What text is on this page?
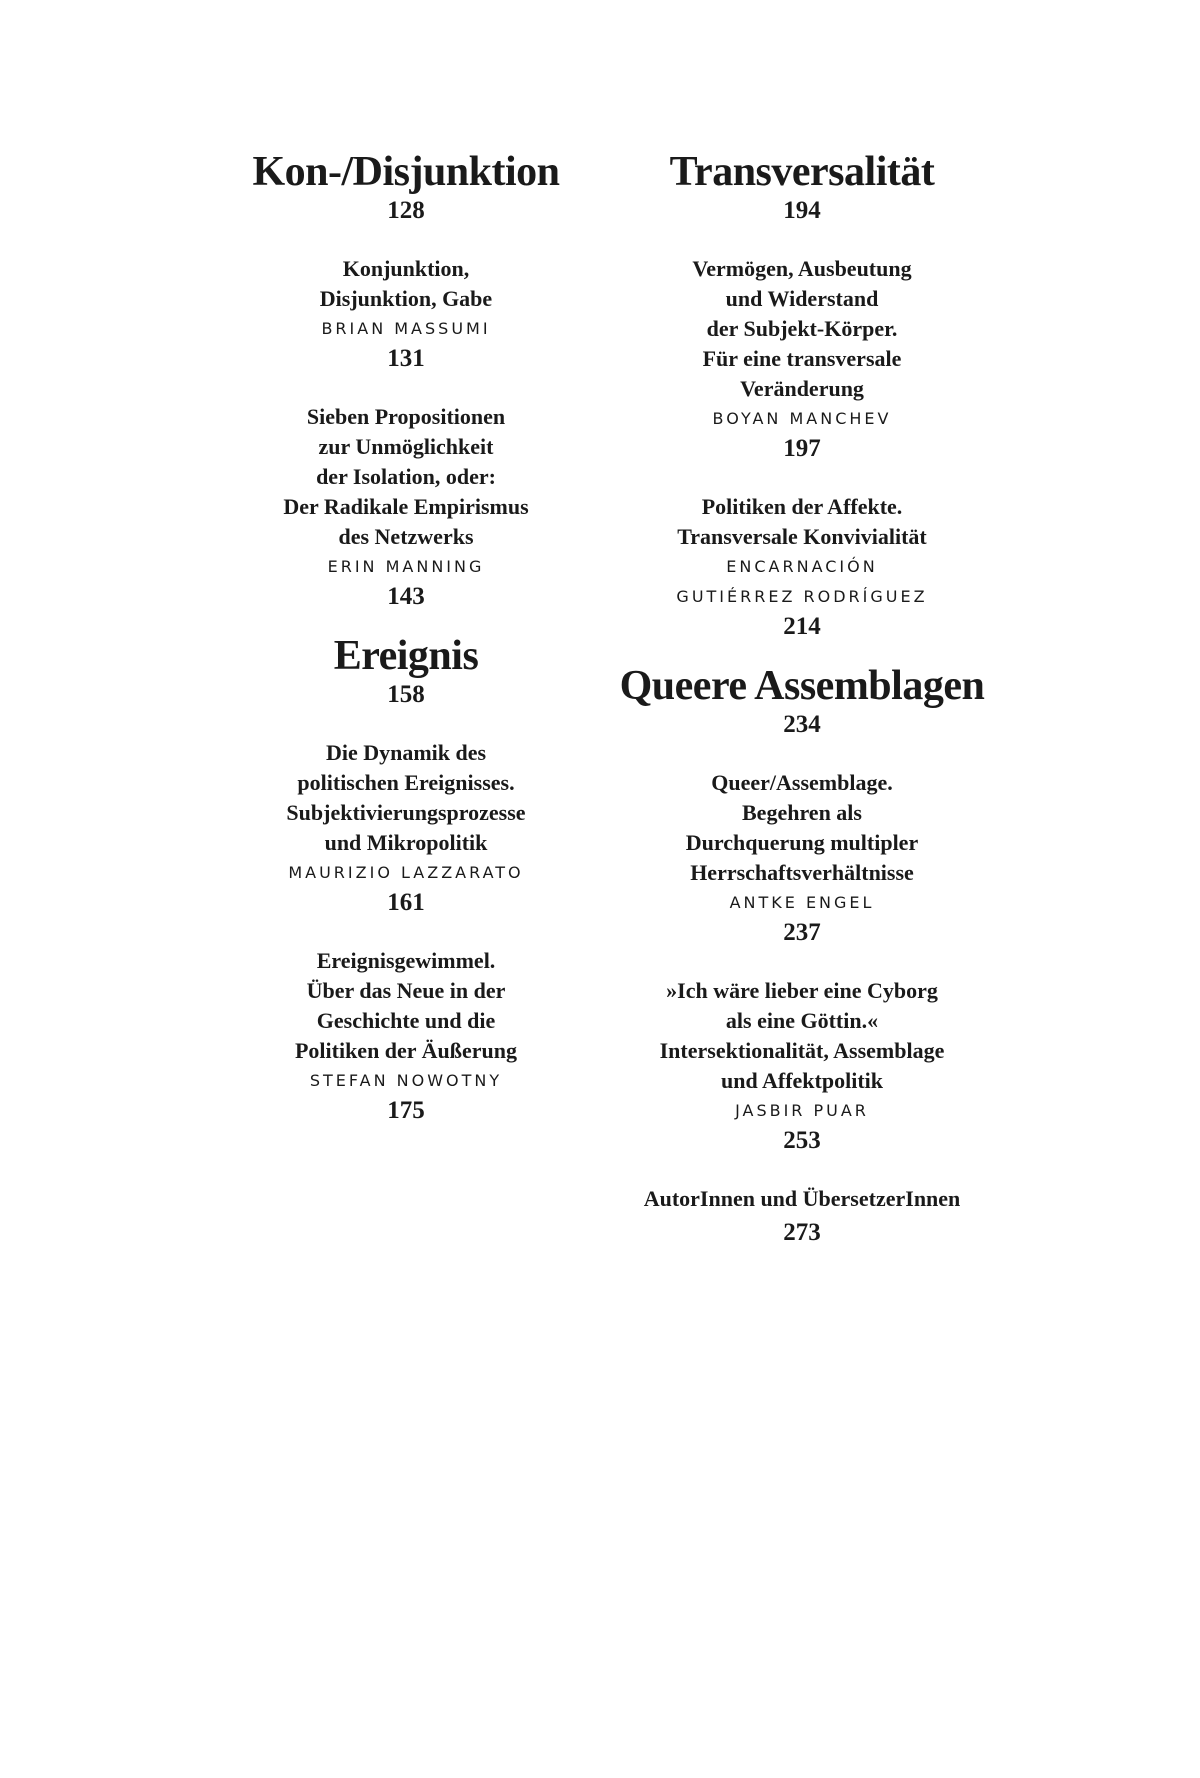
Kon-/Disjunktion

128

Konjunktion,
Disjunktion, Gabe

BRIAN MASSUMI

131

Sieben Propositionen
zur Unmöglichkeit
der Isolation, oder:
Der Radikale Empirismus
des Netzwerks

ERIN MANNING

143

Ereignis

158

Die Dynamik des
politischen Ereignisses.
Subjektivierungsprozesse
und Mikropolitik

MAURIZIO LAZZARATO

161

Ereignisgewimmel.
Über das Neue in der
Geschichte und die
Politiken der Äußerung

STEFAN NOWOTNY

175

Transversalität

194

Vermögen, Ausbeutung
und Widerstand
der Subjekt-Körper.
Für eine transversale
Veränderung

BOYAN MANCHEV

197

Politiken der Affekte.
Transversale Konvivialität

ENCARNACIÓN
GUTIÉRREZ RODRÍGUEZ

214

Queere Assemblagen

234

Queer/Assemblage.
Begehren als
Durchquerung multipler
Herrschaftsverhältnisse

ANTKE ENGEL

237

»Ich wäre lieber eine Cyborg
als eine Göttin.«
Intersektionalität, Assemblage
und Affektpolitik

JASBIR PUAR

253

AutorInnen und ÜbersetzerInnen

273
